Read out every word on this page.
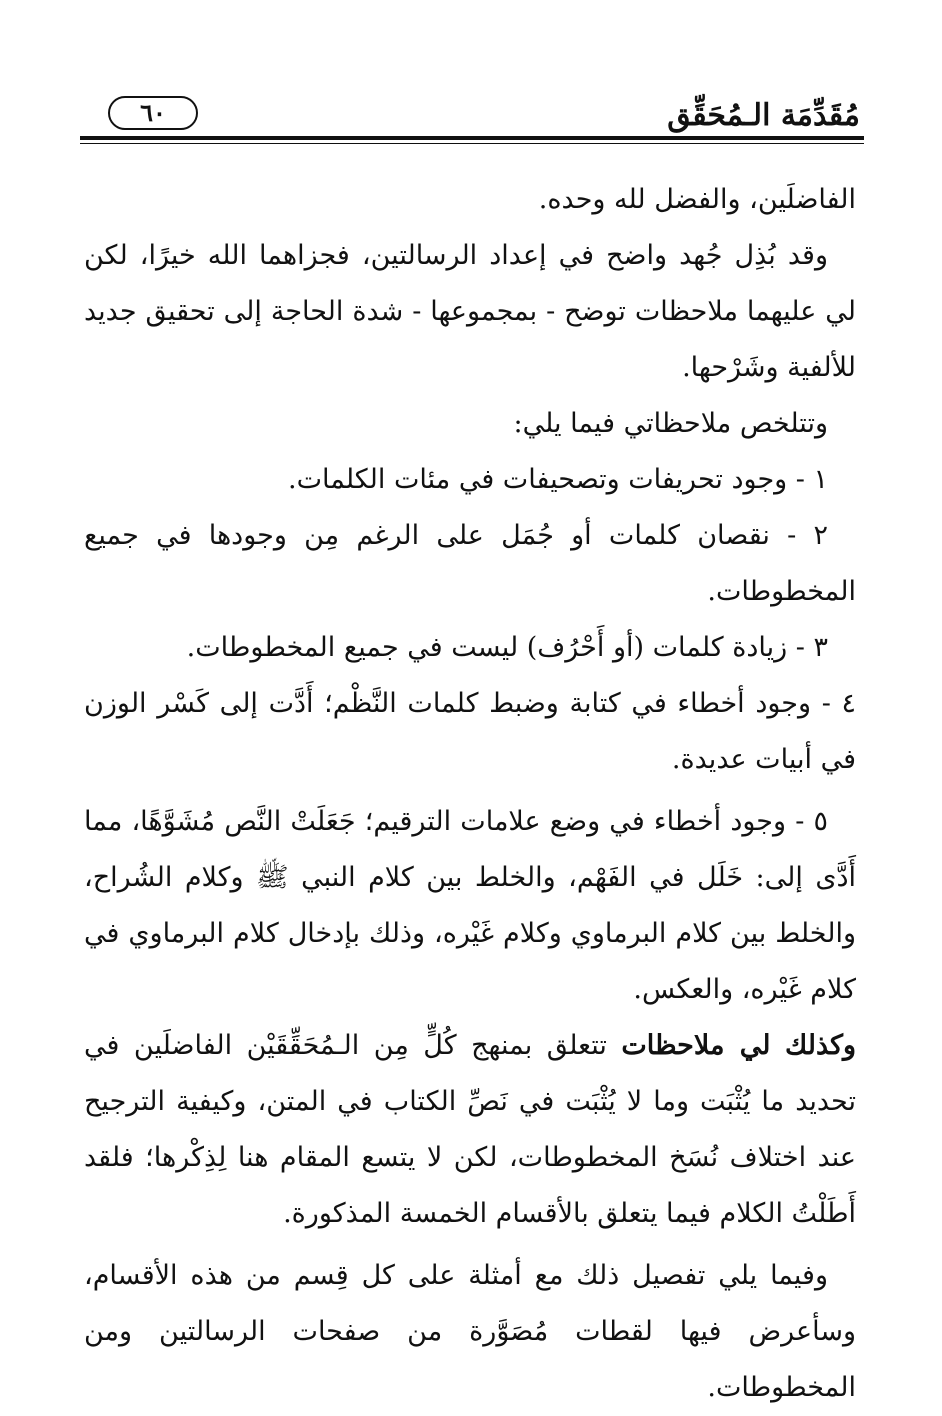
مُقَدِّمَة الـمُحَقِّق
٦٠

الفاضلَين، والفضل لله وحده.

وقد بُذِل جُهد واضح في إعداد الرسالتين، فجزاهما الله خيرًا، لكن لي عليهما ملاحظات توضح - بمجموعها - شدة الحاجة إلى تحقيق جديد للألفية وشَرْحها.

وتتلخص ملاحظاتي فيما يلي:

١ - وجود تحريفات وتصحيفات في مئات الكلمات.

٢ - نقصان كلمات أو جُمَل على الرغم مِن وجودها في جميع المخطوطات.

٣ - زيادة كلمات (أو أَحْرُف) ليست في جميع المخطوطات.

٤ - وجود أخطاء في كتابة وضبط كلمات النَّظْم؛ أَدَّت إلى كَسْر الوزن في أبيات عديدة.

٥ - وجود أخطاء في وضع علامات الترقيم؛ جَعَلَتْ النَّص مُشَوَّهًا، مما أَدَّى إلى: خَلَل في الفَهْم، والخلط بين كلام النبي ﷺ وكلام الشُراح، والخلط بين كلام البرماوي وكلام غَيْره، وذلك بإدخال كلام البرماوي في كلام غَيْره، والعكس.

وكذلك لي ملاحظات تتعلق بمنهج كُلٍّ مِن الـمُحَقِّقَيْن الفاضلَين في تحديد ما يُثْبَت وما لا يُثْبَت في نَصِّ الكتاب في المتن، وكيفية الترجيح عند اختلاف نُسَخ المخطوطات، لكن لا يتسع المقام هنا لِذِكْرها؛ فلقد أَطَلْتُ الكلام فيما يتعلق بالأقسام الخمسة المذكورة.

وفيما يلي تفصيل ذلك مع أمثلة على كل قِسم من هذه الأقسام، وسأعرض فيها لقطات مُصَوَّرة من صفحات الرسالتين ومن المخطوطات.
